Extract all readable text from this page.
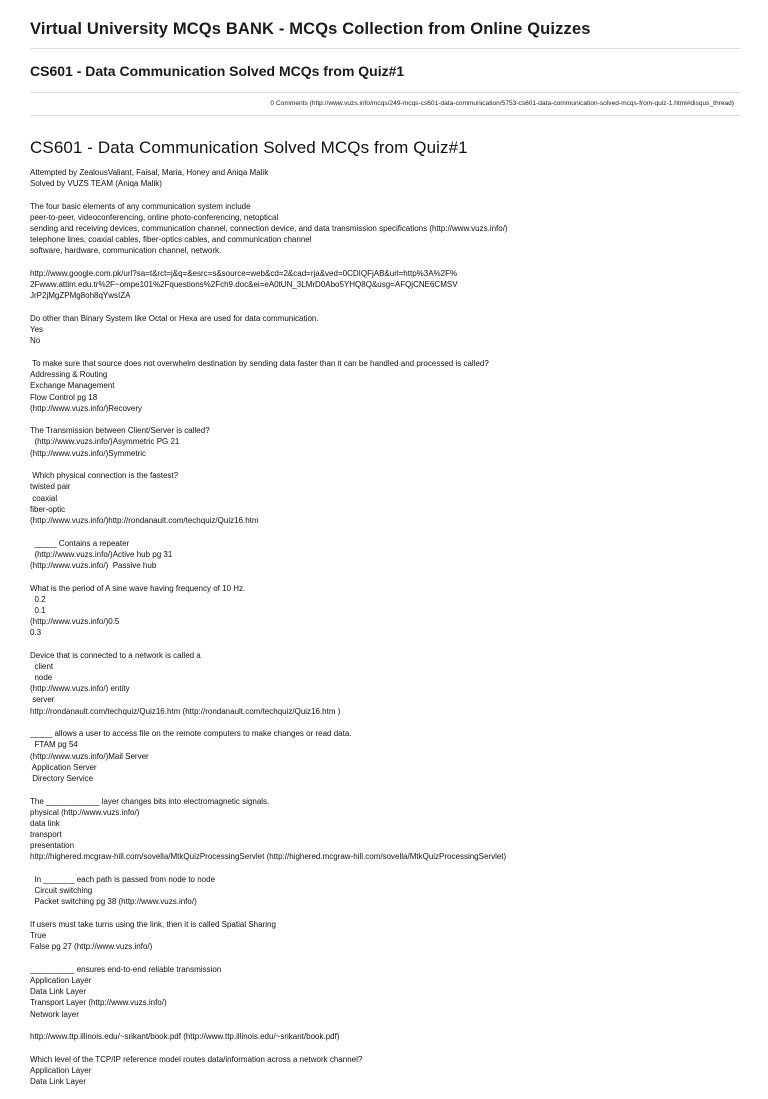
Virtual University MCQs BANK - MCQs Collection from Online Quizzes
CS601 - Data Communication Solved MCQs from Quiz#1
0 Comments (http://www.vuzs.info/mcqs/249-mcqs-cs601-data-communication/5753-cs601-data-communication-solved-mcqs-from-quiz-1.html#disqus_thread)
CS601 - Data Communication Solved MCQs from Quiz#1
Attempted by ZealousValiant, Faisal, Maria, Honey and Aniqa Malik
Solved by VUZS TEAM (Aniqa Malik)
The four basic elements of any communication system include
peer-to-peer, videoconferencing, online photo-conferencing, netoptical
sending and receiving devices, communication channel, connection device, and data transmission specifications (http://www.vuzs.info/)
telephone lines, coaxial cables, fiber-optics cables, and communication channel
software, hardware, communication channel, network.
http://www.google.com.pk/url?sa=t&rct=j&q=&esrc=s&source=web&cd=2&cad=rja&ved=0CDIQFjAB&url=http%3A%2F%
2Fwww.attim.edu.tr%2F~ompe101%2Fquestions%2Fch9.doc&ei=eA0tUN_3LMrD0Abo5YHQ8Q&usg=AFQjCNE6CMSV
JrP2jMgZPMg8oh8qYwsIZA
Do other than Binary System like Octal or Hexa are used for data communication.
Yes
No
To make sure that source does not overwhelm destination by sending data faster than it can be handled and processed is called?
Addressing & Routing
Exchange Management
Flow Control pg 18
(http://www.vuzs.info/)Recovery
The Transmission between Client/Server is called?
(http://www.vuzs.info/)Asymmetric PG 21
(http://www.vuzs.info/)Symmetric
Which physical connection is the fastest?
twisted pair
coaxial
fiber-optic
(http://www.vuzs.info/)http://rondanault.com/techquiz/Quiz16.htm
_____ Contains a repeater
(http://www.vuzs.info/)Active hub pg 31
(http://www.vuzs.info/)  Passive hub
What is the period of A sine wave having frequency of 10 Hz.
0.2
0.1
(http://www.vuzs.info/)0.5
0.3
Device that is connected to a network is called a
client
node
(http://www.vuzs.info/) entity
server
http://rondanault.com/techquiz/Quiz16.htm (http://rondanault.com/techquiz/Quiz16.htm )
_____ allows a user to access file on the remote computers to make changes or read data.
FTAM pg 54
(http://www.vuzs.info/)Mail Server
Application Server
Directory Service
The ____________ layer changes bits into electromagnetic signals.
physical (http://www.vuzs.info/)
data link
transport
presentation
http://highered.mcgraw-hill.com/sovella/MtkQuizProcessingServlet (http://highered.mcgraw-hill.com/sovella/MtkQuizProcessingServlet)
In _______ each path is passed from node to node
Circuit switching
Packet switching pg 38 (http://www.vuzs.info/)
If users must take turns using the link, then it is called Spatial Sharing
True
False pg 27 (http://www.vuzs.info/)
__________ ensures end-to-end reliable transmission
Application Layer
Data Link Layer
Transport Layer (http://www.vuzs.info/)
Network layer
http://www.ttp.illinois.edu/~srikant/book.pdf (http://www.ttp.illinois.edu/~srikant/book.pdf)
Which level of the TCP/IP reference model routes data/information across a network channel?
Application Layer
Data Link Layer
